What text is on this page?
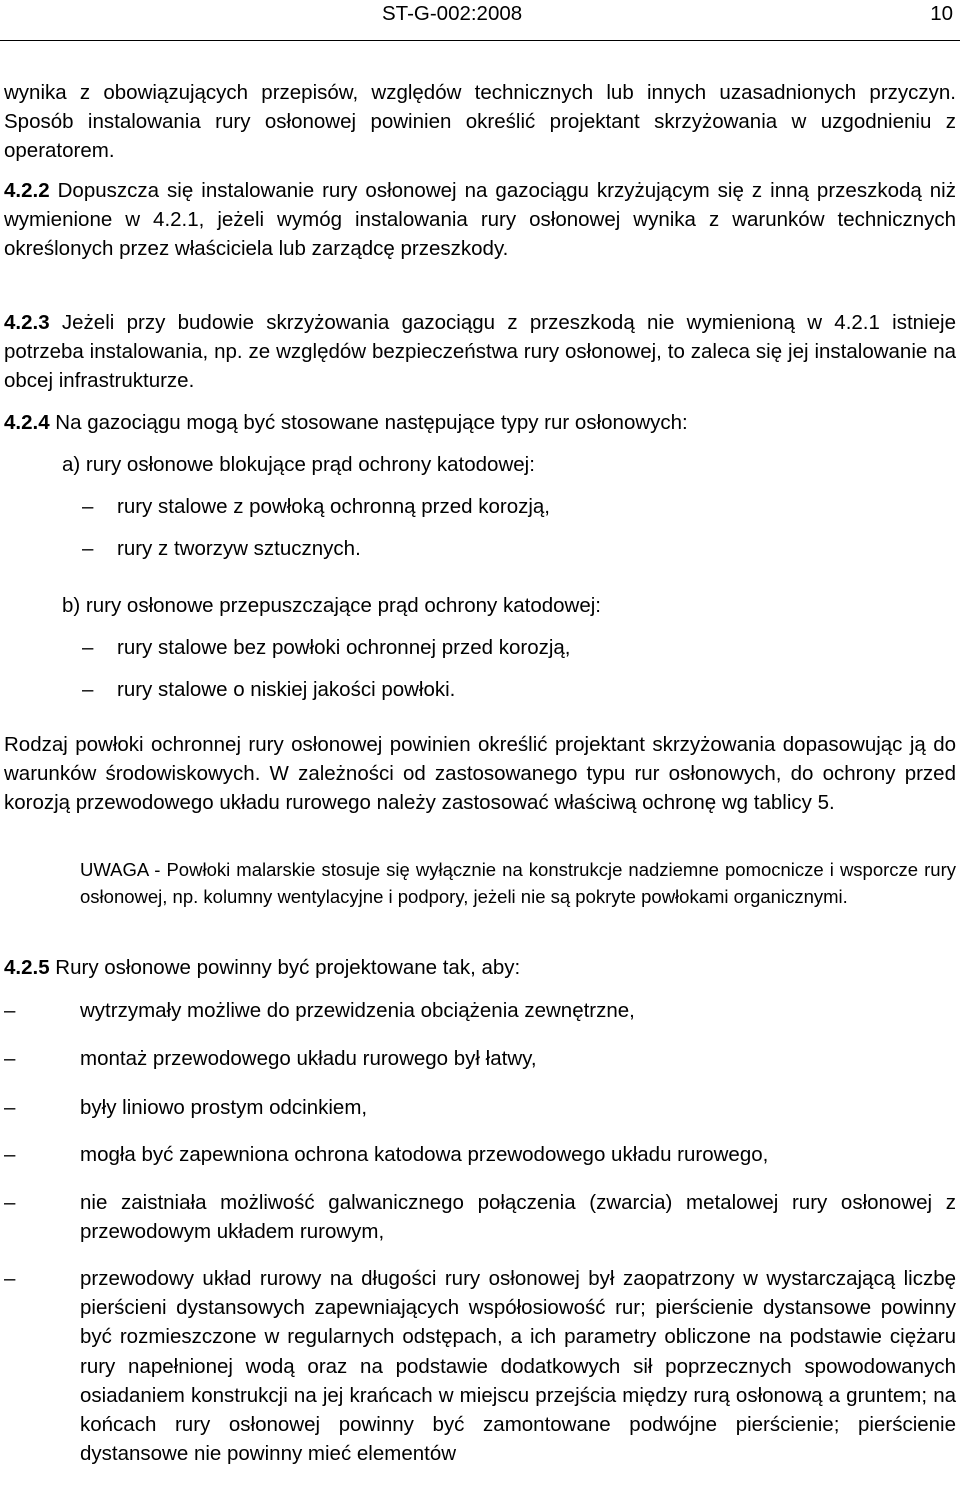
ST-G-002:2008	10
wynika z obowiązujących przepisów, względów technicznych lub innych uzasadnionych przyczyn. Sposób instalowania rury osłonowej powinien określić projektant skrzyżowania w uzgodnieniu z operatorem.
4.2.2 Dopuszcza się instalowanie rury osłonowej na gazociągu krzyżującym się z inną przeszkodą niż wymienione w 4.2.1, jeżeli wymóg instalowania rury osłonowej wynika z warunków technicznych określonych przez właściciela lub zarządcę przeszkody.
4.2.3 Jeżeli przy budowie skrzyżowania gazociągu z przeszkodą nie wymienioną w 4.2.1 istnieje potrzeba instalowania, np. ze względów bezpieczeństwa rury osłonowej, to zaleca się jej instalowanie na obcej infrastrukturze.
4.2.4 Na gazociągu mogą być stosowane następujące typy rur osłonowych:
a) rury osłonowe blokujące prąd ochrony katodowej:
– rury stalowe z powłoką ochronną przed korozją,
– rury z tworzyw sztucznych.
b) rury osłonowe przepuszczające prąd ochrony katodowej:
– rury stalowe bez powłoki ochronnej przed korozją,
– rury stalowe o niskiej jakości powłoki.
Rodzaj powłoki ochronnej rury osłonowej powinien określić projektant skrzyżowania dopasowując ją do warunków środowiskowych. W zależności od zastosowanego typu rur osłonowych, do ochrony przed korozją przewodowego układu rurowego należy zastosować właściwą ochronę wg tablicy 5.
UWAGA - Powłoki malarskie stosuje się wyłącznie na konstrukcje nadziemne pomocnicze i wsporcze rury osłonowej, np. kolumny wentylacyjne i podpory, jeżeli nie są pokryte powłokami organicznymi.
4.2.5 Rury osłonowe powinny być projektowane tak, aby:
–	wytrzymały możliwe do przewidzenia obciążenia zewnętrzne,
–	montaż przewodowego układu rurowego był łatwy,
–	były liniowo prostym odcinkiem,
–	mogła być zapewniona ochrona katodowa przewodowego układu rurowego,
–	nie zaistniała możliwość galwanicznego połączenia (zwarcia) metalowej rury osłonowej z przewodowym układem rurowym,
–	przewodowy układ rurowy na długości rury osłonowej był zaopatrzony w wystarczającą liczbę pierścieni dystansowych zapewniających współosiowość rur; pierścienie dystansowe powinny być rozmieszczone w regularnych odstępach, a ich parametry obliczone na podstawie ciężaru rury napełnionej wodą oraz na podstawie dodatkowych sił poprzecznych spowodowanych osiadaniem konstrukcji na jej krańcach w miejscu przejścia między rurą osłonową a gruntem; na końcach rury osłonowej powinny być zamontowane podwójne pierścienie; pierścienie dystansowe nie powinny mieć elementów
